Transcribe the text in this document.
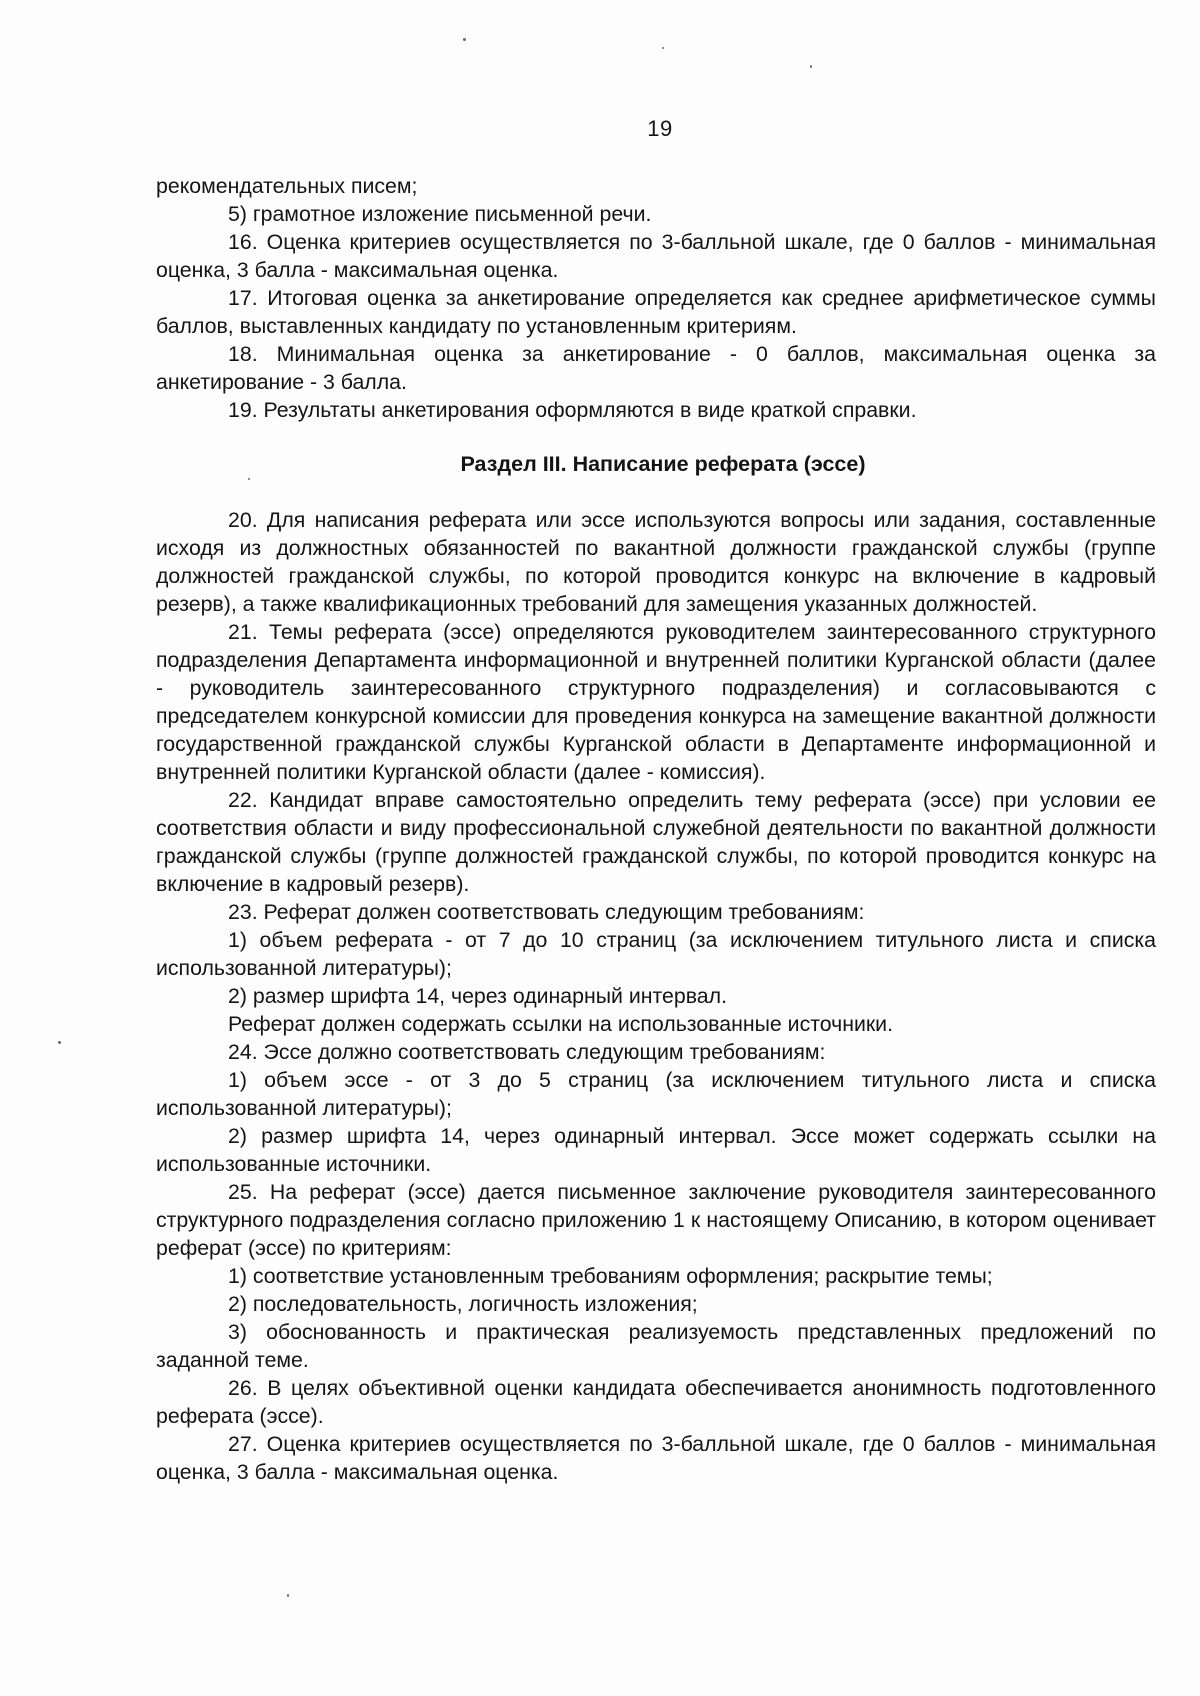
19

рекомендательных писем;

5) грамотное изложение письменной речи.

16. Оценка критериев осуществляется по 3-балльной шкале, где 0 баллов - минимальная оценка, 3 балла - максимальная оценка.

17. Итоговая оценка за анкетирование определяется как среднее арифметическое суммы баллов, выставленных кандидату по установленным критериям.

18. Минимальная оценка за анкетирование - 0 баллов, максимальная оценка за анкетирование - 3 балла.

19. Результаты анкетирования оформляются в виде краткой справки.

Раздел III. Написание реферата (эссе)

20. Для написания реферата или эссе используются вопросы или задания, составленные исходя из должностных обязанностей по вакантной должности гражданской службы (группе должностей гражданской службы, по которой проводится конкурс на включение в кадровый резерв), а также квалификационных требований для замещения указанных должностей.

21. Темы реферата (эссе) определяются руководителем заинтересованного структурного подразделения Департамента информационной и внутренней политики Курганской области (далее - руководитель заинтересованного структурного подразделения) и согласовываются с председателем конкурсной комиссии для проведения конкурса на замещение вакантной должности государственной гражданской службы Курганской области в Департаменте информационной и внутренней политики Курганской области (далее - комиссия).

22. Кандидат вправе самостоятельно определить тему реферата (эссе) при условии ее соответствия области и виду профессиональной служебной деятельности по вакантной должности гражданской службы (группе должностей гражданской службы, по которой проводится конкурс на включение в кадровый резерв).

23. Реферат должен соответствовать следующим требованиям:

1) объем реферата - от 7 до 10 страниц (за исключением титульного листа и списка использованной литературы);

2) размер шрифта 14, через одинарный интервал.

Реферат должен содержать ссылки на использованные источники.

24. Эссе должно соответствовать следующим требованиям:

1) объем эссе - от 3 до 5 страниц (за исключением титульного листа и списка использованной литературы);

2) размер шрифта 14, через одинарный интервал. Эссе может содержать ссылки на использованные источники.

25. На реферат (эссе) дается письменное заключение руководителя заинтересованного структурного подразделения согласно приложению 1 к настоящему Описанию, в котором оценивает реферат (эссе) по критериям:

1) соответствие установленным требованиям оформления; раскрытие темы;

2) последовательность, логичность изложения;

3) обоснованность и практическая реализуемость представленных предложений по заданной теме.

26. В целях объективной оценки кандидата обеспечивается анонимность подготовленного реферата (эссе).

27. Оценка критериев осуществляется по 3-балльной шкале, где 0 баллов - минимальная оценка, 3 балла - максимальная оценка.
